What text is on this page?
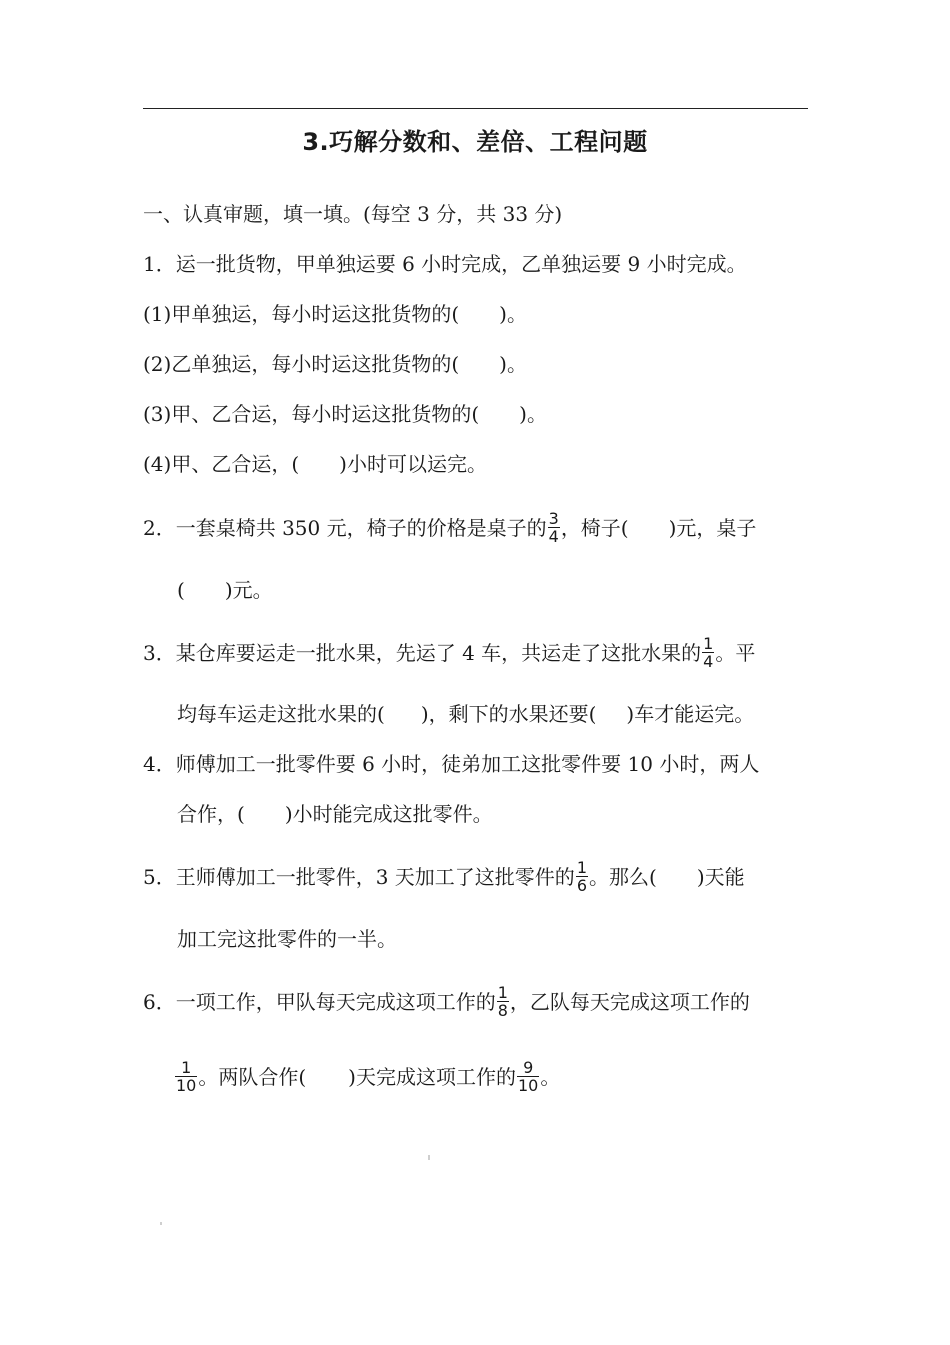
3.巧解分数和、差倍、工程问题
一、认真审题，填一填。(每空 3 分，共 33 分)
1．运一批货物，甲单独运要 6 小时完成，乙单独运要 9 小时完成。
(1)甲单独运，每小时运这批货物的( )。
(2)乙单独运，每小时运这批货物的( )。
(3)甲、乙合运，每小时运这批货物的( )。
(4)甲、乙合运，( )小时可以运完。
2．一套桌椅共 350 元，椅子的价格是桌子的 $\frac{3}{4}$ ，椅子( )元，桌子
( )元。
3．某仓库要运走一批水果，先运了 4 车，共运走了这批水果的 $\frac{1}{4}$ 。平
均每车运走这批水果的( )，剩下的水果还要( )车才能运完。
4．师傅加工一批零件要 6 小时，徒弟加工这批零件要 10 小时，两人
合作，( )小时能完成这批零件。
5．王师傅加工一批零件，3 天加工了这批零件的 $\frac{1}{6}$ 。那么( )天能
加工完这批零件的一半。
6．一项工作，甲队每天完成这项工作的 $\frac{1}{8}$ ，乙队每天完成这项工作的
$\frac{1}{10}$ 。两队合作( )天完成这项工作的 $\frac{9}{10}$ 。
